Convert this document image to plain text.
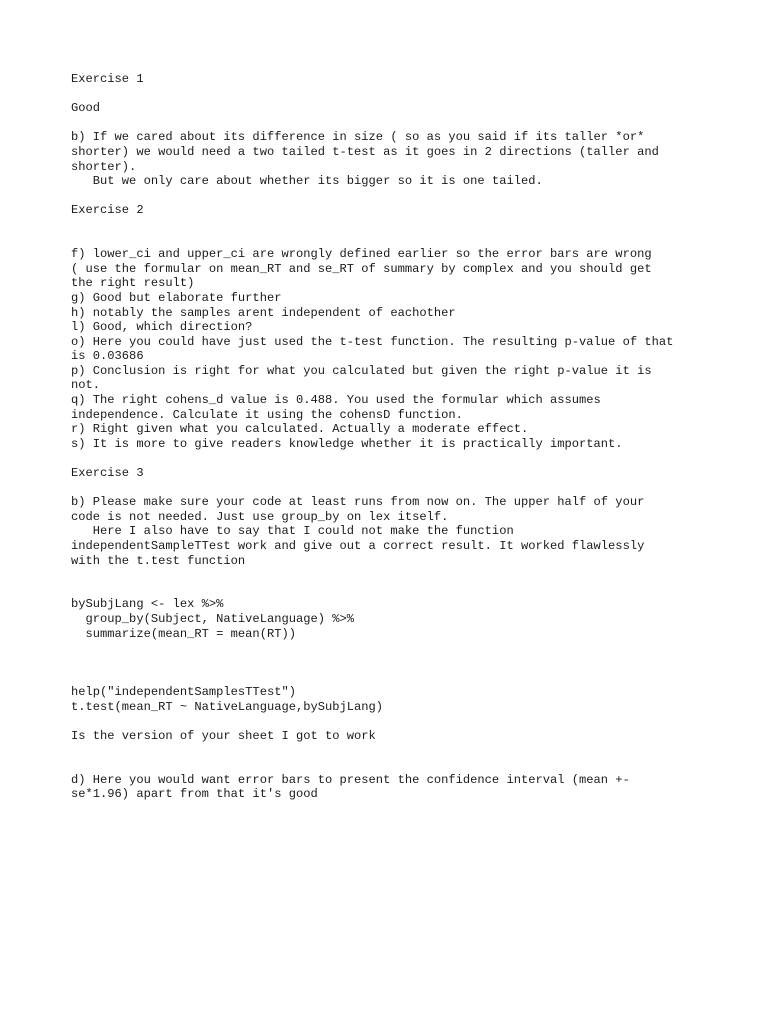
Exercise 1
Good
b) If we cared about its difference in size ( so as you said if its taller *or*
shorter) we would need a two tailed t-test as it goes in 2 directions (taller and
shorter).
But we only care about whether its bigger so it is one tailed.
Exercise 2
f) lower_ci and upper_ci are wrongly defined earlier so the error bars are wrong
( use the formular on mean_RT and se_RT of summary by complex and you should get
the right result)
g) Good but elaborate further
h) notably the samples arent independent of eachother
l) Good, which direction?
o) Here you could have just used the t-test function. The resulting p-value of that
is 0.03686
p) Conclusion is right for what you calculated but given the right p-value it is
not.
q) The right cohens_d value is 0.488. You used the formular which assumes
independence. Calculate it using the cohensD function.
r) Right given what you calculated. Actually a moderate effect.
s) It is more to give readers knowledge whether it is practically important.
Exercise 3
b) Please make sure your code at least runs from now on. The upper half of your
code is not needed. Just use group_by on lex itself.
Here I also have to say that I could not make the function
independentSampleTTest work and give out a correct result. It worked flawlessly
with the t.test function
bySubjLang <- lex %>%
group_by(Subject, NativeLanguage) %>%
summarize(mean_RT = mean(RT))
help("independentSamplesTTest")
t.test(mean_RT ~ NativeLanguage,bySubjLang)
Is the version of your sheet I got to work
d) Here you would want error bars to present the confidence interval (mean +-
se*1.96) apart from that it's good
